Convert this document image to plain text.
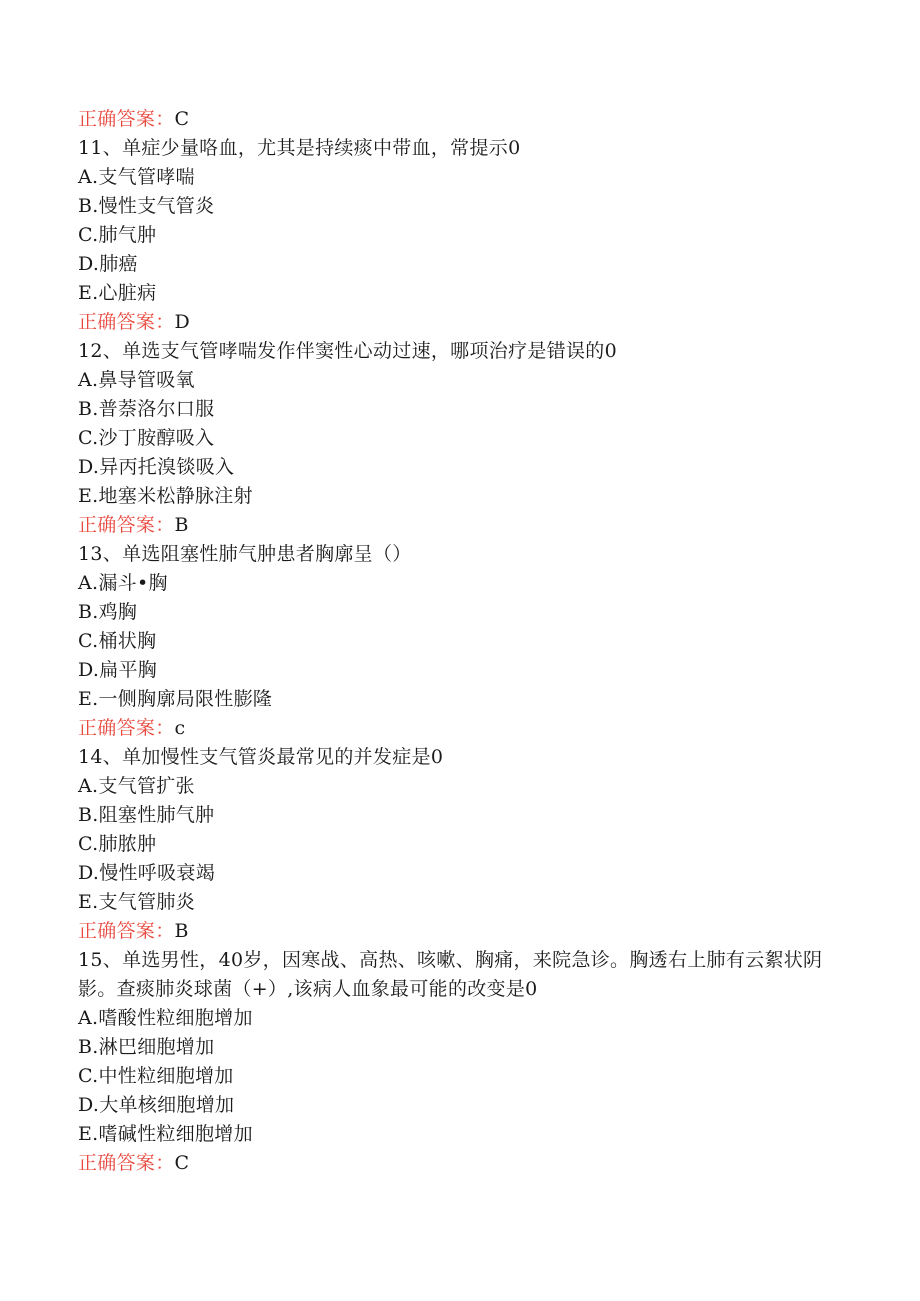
正确答案：C
11、单症少量咯血，尤其是持续痰中带血，常提示0
A.支气管哮喘
B.慢性支气管炎
C.肺气肿
D.肺癌
E.心脏病
正确答案：D
12、单选支气管哮喘发作伴窦性心动过速，哪项治疗是错误的0
A.鼻导管吸氧
B.普萘洛尔口服
C.沙丁胺醇吸入
D.异丙托溴锬吸入
E.地塞米松静脉注射
正确答案：B
13、单选阻塞性肺气肿患者胸廓呈（）
A.漏斗•胸
B.鸡胸
C.桶状胸
D.扁平胸
E.一侧胸廓局限性膨隆
正确答案：c
14、单加慢性支气管炎最常见的并发症是0
A.支气管扩张
B.阻塞性肺气肿
C.肺脓肿
D.慢性呼吸衰竭
E.支气管肺炎
正确答案：B
15、单选男性，40岁，因寒战、高热、咳嗽、胸痛，来院急诊。胸透右上肺有云絮状阴影。查痰肺炎球菌（+）,该病人血象最可能的改变是0
A.嗜酸性粒细胞增加
B.淋巴细胞增加
C.中性粒细胞增加
D.大单核细胞增加
E.嗜碱性粒细胞增加
正确答案：C
